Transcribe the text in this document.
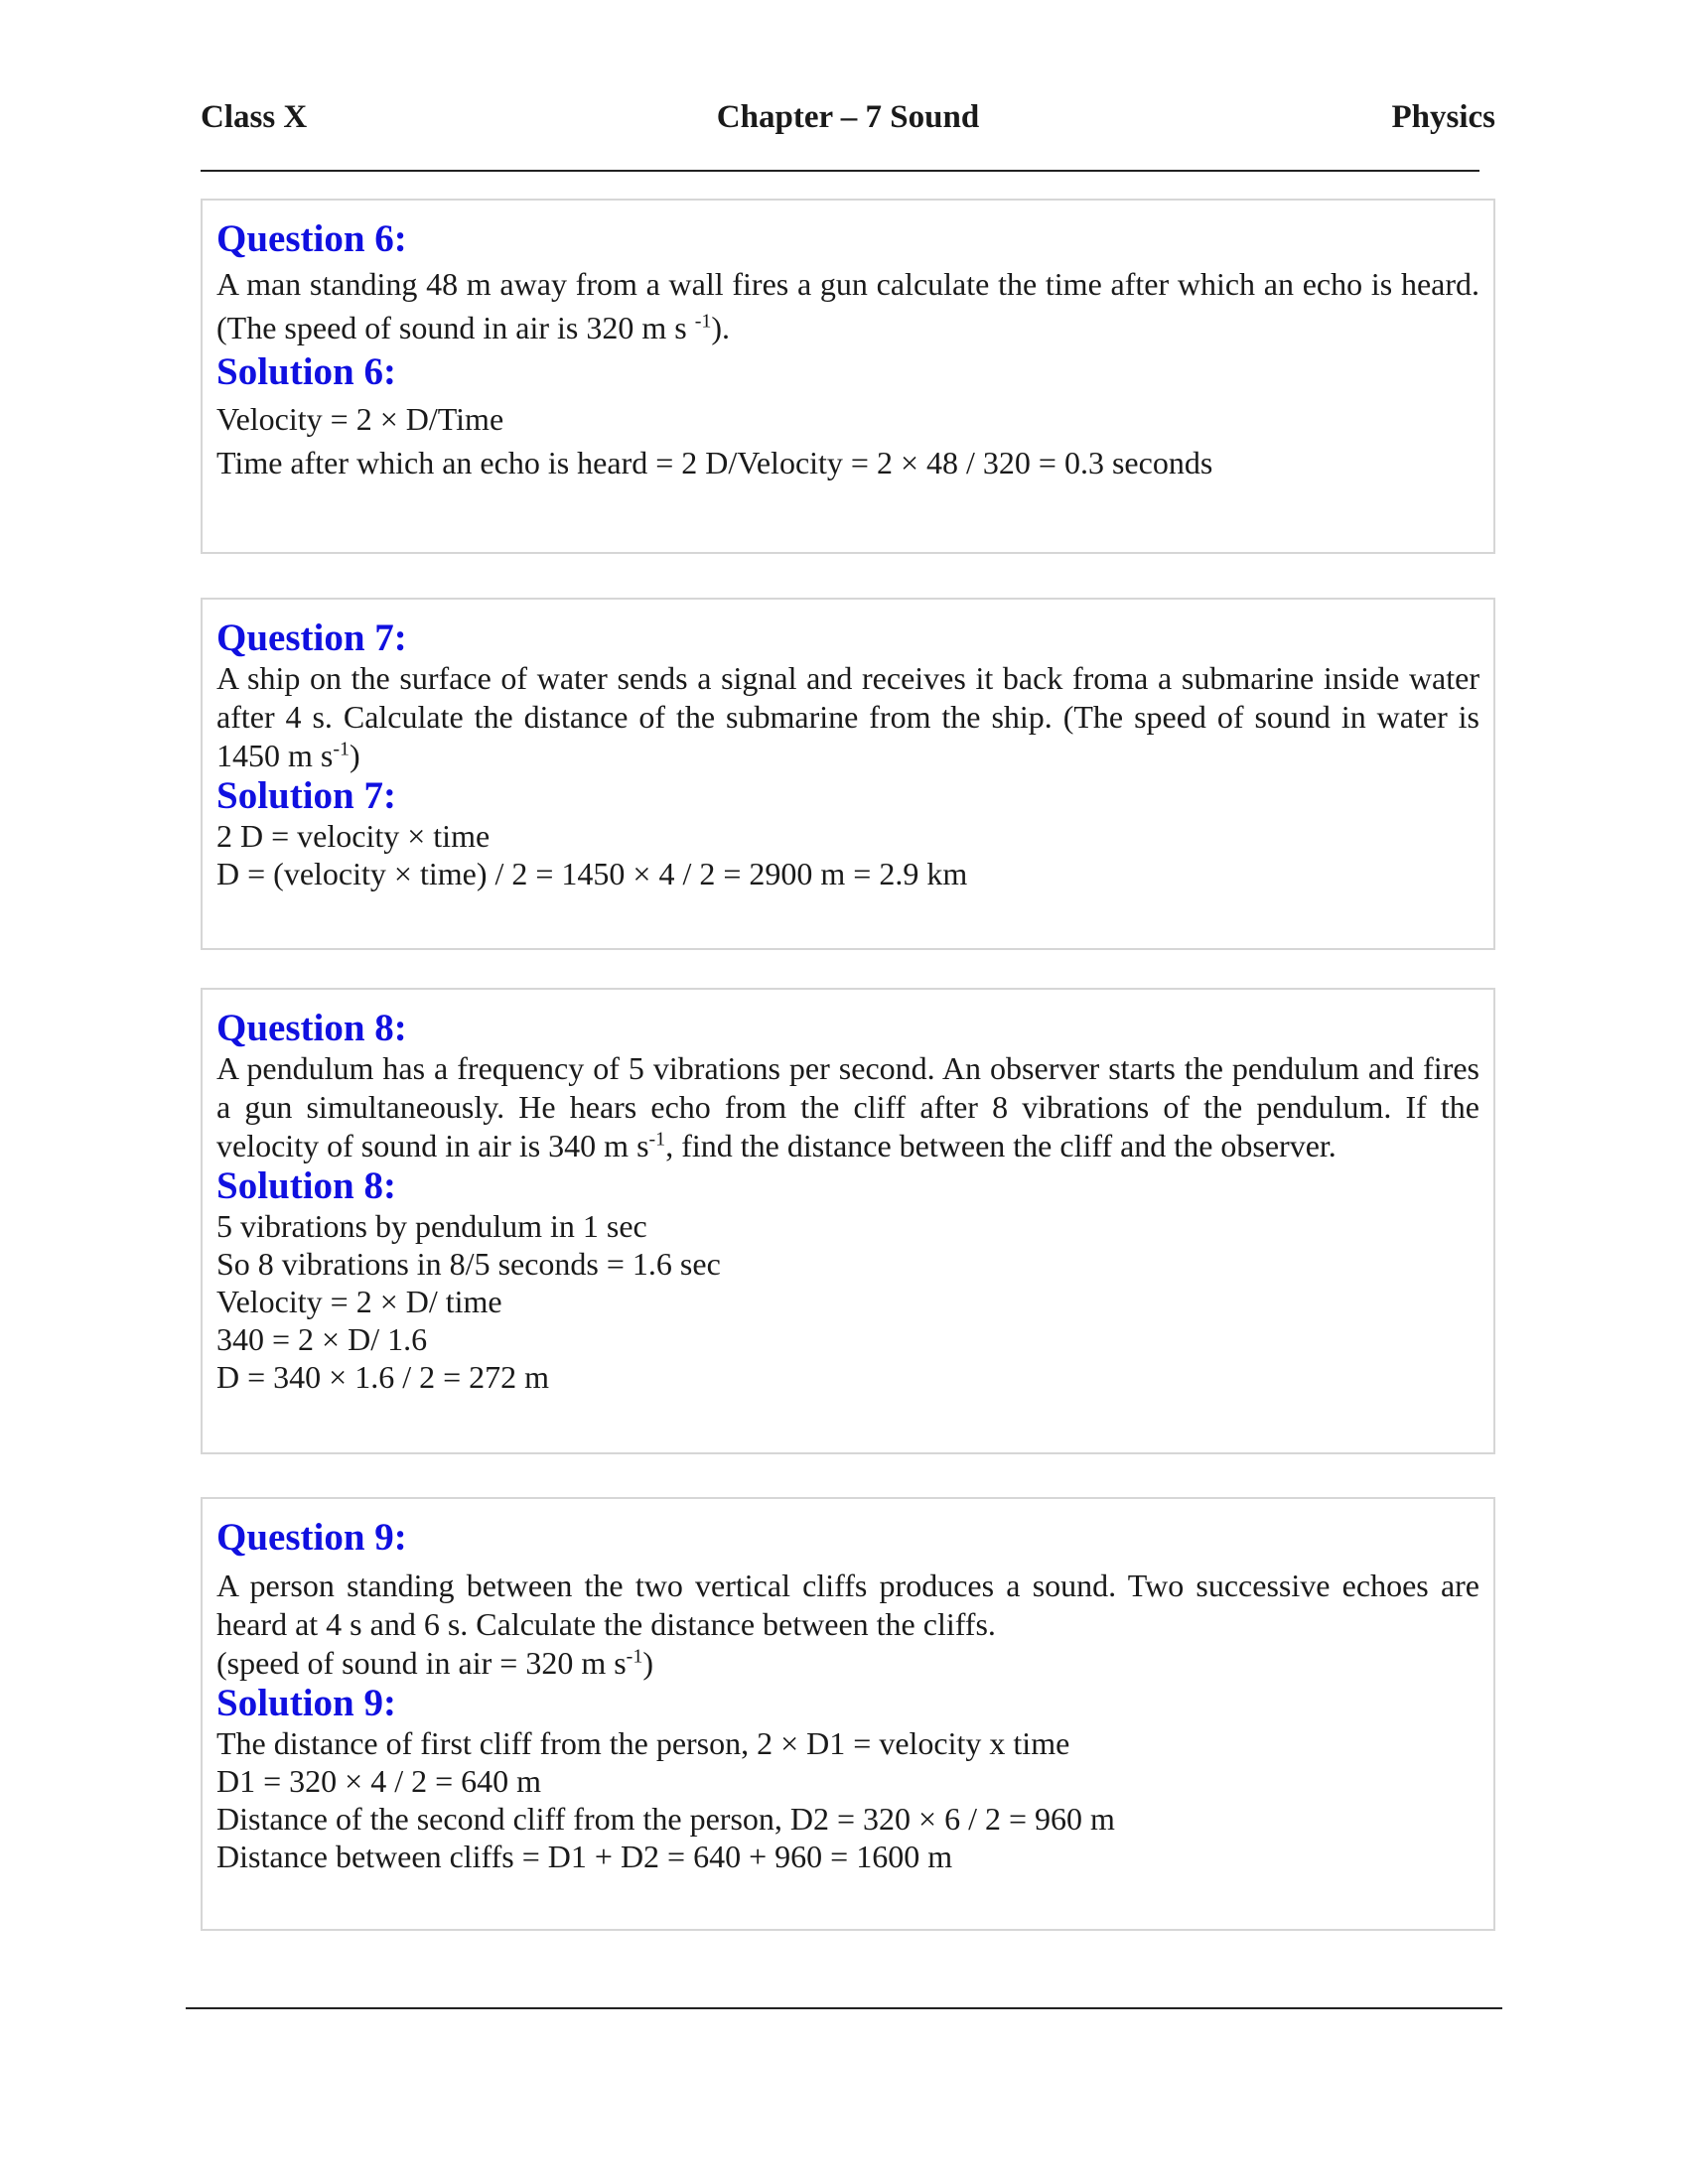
Class X	Chapter – 7 Sound	Physics
Question 6:
A man standing 48 m away from a wall fires a gun calculate the time after which an echo is heard. (The speed of sound in air is 320 m s $^{-1}$).
Solution 6:
Velocity = 2 × D/Time
Time after which an echo is heard = 2 D/Velocity = 2 × 48 / 320 = 0.3 seconds
Question 7:
A ship on the surface of water sends a signal and receives it back froma a submarine inside water after 4 s. Calculate the distance of the submarine from the ship. (The speed of sound in water is 1450 m $s^{-1}$)
Solution 7:
2 D = velocity × time
D = (velocity × time) / 2 = 1450 × 4 / 2 = 2900 m = 2.9 km
Question 8:
A pendulum has a frequency of 5 vibrations per second. An observer starts the pendulum and fires a gun simultaneously. He hears echo from the cliff after 8 vibrations of the pendulum. If the velocity of sound in air is 340 m $s^{-1}$, find the distance between the cliff and the observer.
Solution 8:
5 vibrations by pendulum in 1 sec
So 8 vibrations in 8/5 seconds = 1.6 sec
Velocity = 2 × D/ time
340 = 2 × D/ 1.6
D = 340 × 1.6 / 2 = 272 m
Question 9:
A person standing between the two vertical cliffs produces a sound. Two successive echoes are heard at 4 s and 6 s. Calculate the distance between the cliffs.
(speed of sound in air = 320 m $s^{-1}$)
Solution 9:
The distance of first cliff from the person, 2 × D1 = velocity x time
D1 = 320 × 4 / 2 = 640 m
Distance of the second cliff from the person, D2 = 320 × 6 / 2 = 960 m
Distance between cliffs = D1 + D2 = 640 + 960 = 1600 m
